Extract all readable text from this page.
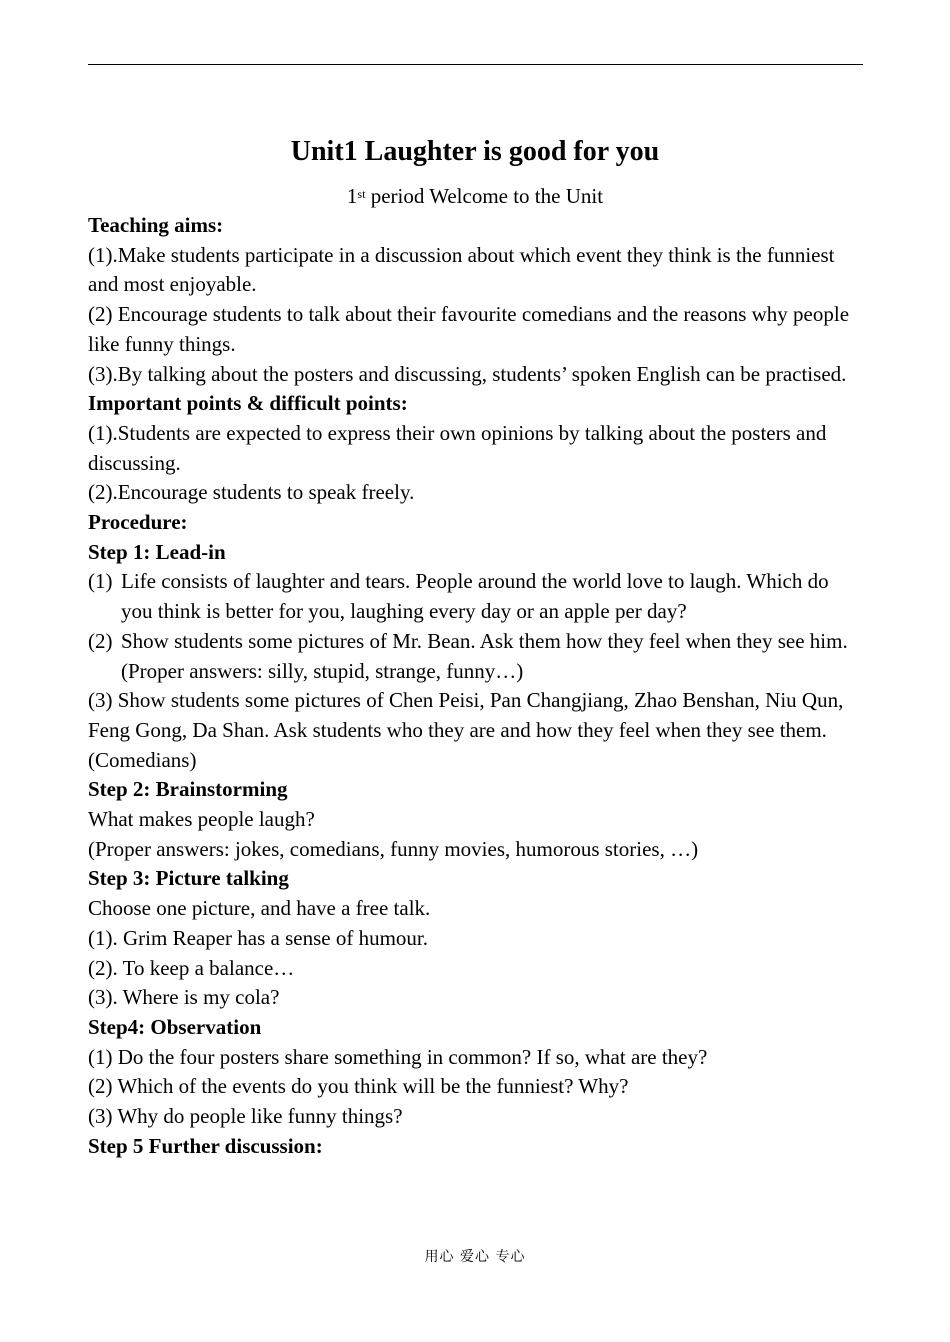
Unit1 Laughter is good for you
1st period Welcome to the Unit

Teaching aims:

(1).Make students participate in a discussion about which event they think is the funniest and most enjoyable.

(2) Encourage students to talk about their favourite comedians and the reasons why people like funny things.

(3).By talking about the posters and discussing, students’ spoken English can be practised.

Important points & difficult points:

(1).Students are expected to express their own opinions by talking about the posters and discussing.

(2).Encourage students to speak freely.

Procedure:

Step 1: Lead-in

(1) Life consists of laughter and tears. People around the world love to laugh. Which do you think is better for you, laughing every day or an apple per day?
(2) Show students some pictures of Mr. Bean. Ask them how they feel when they see him.

(Proper answers: silly, stupid, strange, funny…)

(3) Show students some pictures of Chen Peisi, Pan Changjiang, Zhao Benshan, Niu Qun, Feng Gong, Da Shan. Ask students who they are and how they feel when they see them. (Comedians)

Step 2: Brainstorming

What makes people laugh?

(Proper answers: jokes, comedians, funny movies, humorous stories, …)

Step 3: Picture talking

Choose one picture, and have a free talk.

(1). Grim Reaper has a sense of humour.

(2). To keep a balance…

(3). Where is my cola?

Step4: Observation

(1) Do the four posters share something in common? If so, what are they?

(2) Which of the events do you think will be the funniest? Why?

(3) Why do people like funny things?

Step 5 Further discussion:

用心 爱心 专心
